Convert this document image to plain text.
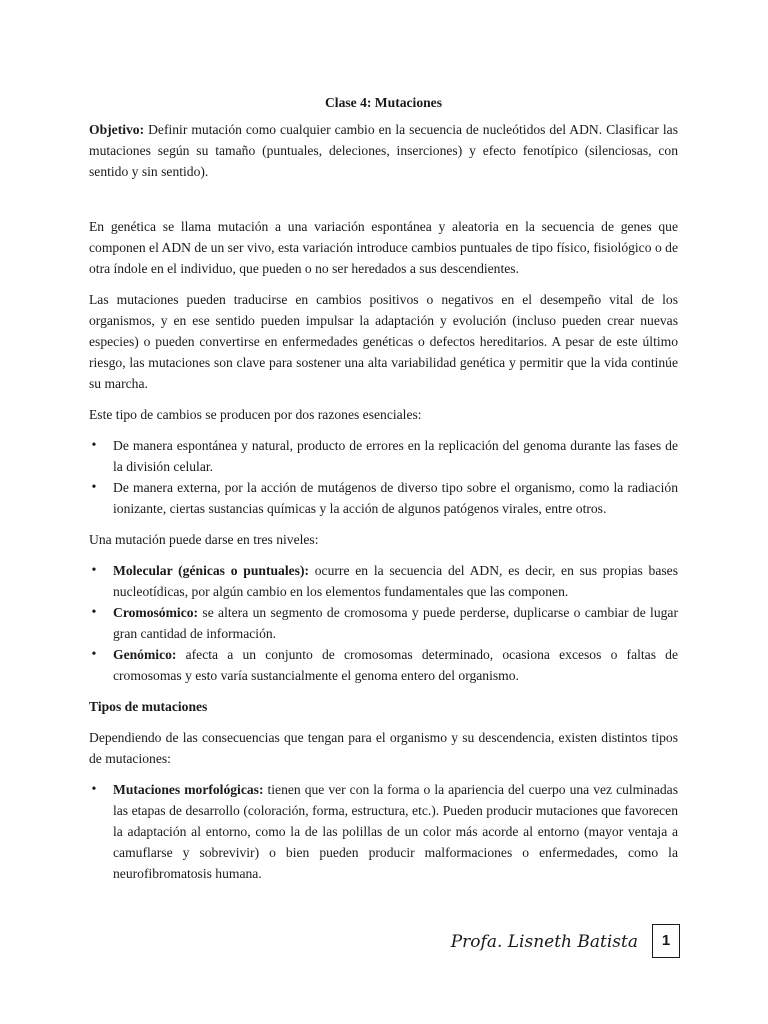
Clase 4: Mutaciones

Objetivo: Definir mutación como cualquier cambio en la secuencia de nucleótidos del ADN. Clasificar las mutaciones según su tamaño (puntuales, deleciones, inserciones) y efecto fenotípico (silenciosas, con sentido y sin sentido).

En genética se llama mutación a una variación espontánea y aleatoria en la secuencia de genes que componen el ADN de un ser vivo, esta variación introduce cambios puntuales de tipo físico, fisiológico o de otra índole en el individuo, que pueden o no ser heredados a sus descendientes.

Las mutaciones pueden traducirse en cambios positivos o negativos en el desempeño vital de los organismos, y en ese sentido pueden impulsar la adaptación y evolución (incluso pueden crear nuevas especies) o pueden convertirse en enfermedades genéticas o defectos hereditarios. A pesar de este último riesgo, las mutaciones son clave para sostener una alta variabilidad genética y permitir que la vida continúe su marcha.

Este tipo de cambios se producen por dos razones esenciales:

• De manera espontánea y natural, producto de errores en la replicación del genoma durante las fases de la división celular.
• De manera externa, por la acción de mutágenos de diverso tipo sobre el organismo, como la radiación ionizante, ciertas sustancias químicas y la acción de algunos patógenos virales, entre otros.

Una mutación puede darse en tres niveles:

• Molecular (génicas o puntuales): ocurre en la secuencia del ADN, es decir, en sus propias bases nucleotídicas, por algún cambio en los elementos fundamentales que las componen.
• Cromosómico: se altera un segmento de cromosoma y puede perderse, duplicarse o cambiar de lugar gran cantidad de información.
• Genómico: afecta a un conjunto de cromosomas determinado, ocasiona excesos o faltas de cromosomas y esto varía sustancialmente el genoma entero del organismo.
Tipos de mutaciones

Dependiendo de las consecuencias que tengan para el organismo y su descendencia, existen distintos tipos de mutaciones:

• Mutaciones morfológicas: tienen que ver con la forma o la apariencia del cuerpo una vez culminadas las etapas de desarrollo (coloración, forma, estructura, etc.). Pueden producir mutaciones que favorecen la adaptación al entorno, como la de las polillas de un color más acorde al entorno (mayor ventaja a camuflarse y sobrevivir) o bien pueden producir malformaciones o enfermedades, como la neurofibromatosis humana.
Profa. Lisneth Batista	1
